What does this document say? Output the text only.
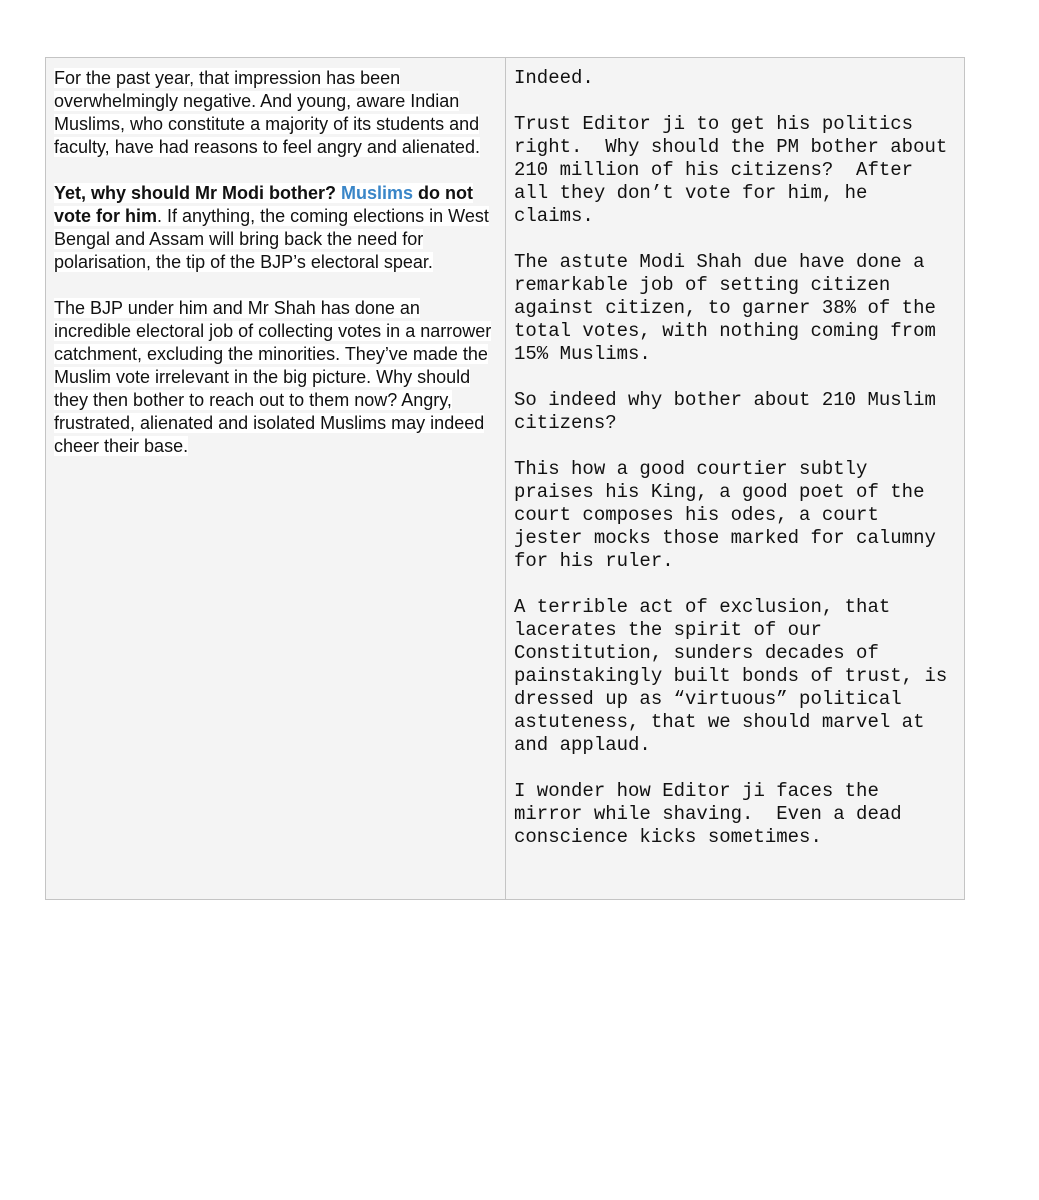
For the past year, that impression has been overwhelmingly negative. And young, aware Indian Muslims, who constitute a majority of its students and faculty, have had reasons to feel angry and alienated.

Yet, why should Mr Modi bother? Muslims do not vote for him. If anything, the coming elections in West Bengal and Assam will bring back the need for polarisation, the tip of the BJP’s electoral spear.

The BJP under him and Mr Shah has done an incredible electoral job of collecting votes in a narrower catchment, excluding the minorities. They’ve made the Muslim vote irrelevant in the big picture. Why should they then bother to reach out to them now? Angry, frustrated, alienated and isolated Muslims may indeed cheer their base.

Indeed.

Trust Editor ji to get his politics right.  Why should the PM bother about 210 million of his citizens?  After all they don’t vote for him, he claims.

The astute Modi Shah due have done a remarkable job of setting citizen against citizen, to garner 38% of the total votes, with nothing coming from 15% Muslims.

So indeed why bother about 210 Muslim citizens?

This how a good courtier subtly praises his King, a good poet of the court composes his odes, a court jester mocks those marked for calumny for his ruler.

A terrible act of exclusion, that lacerates the spirit of our Constitution, sunders decades of painstakingly built bonds of trust, is dressed up as “virtuous” political astuteness, that we should marvel at and applaud.

I wonder how Editor ji faces the mirror while shaving.  Even a dead conscience kicks sometimes.
